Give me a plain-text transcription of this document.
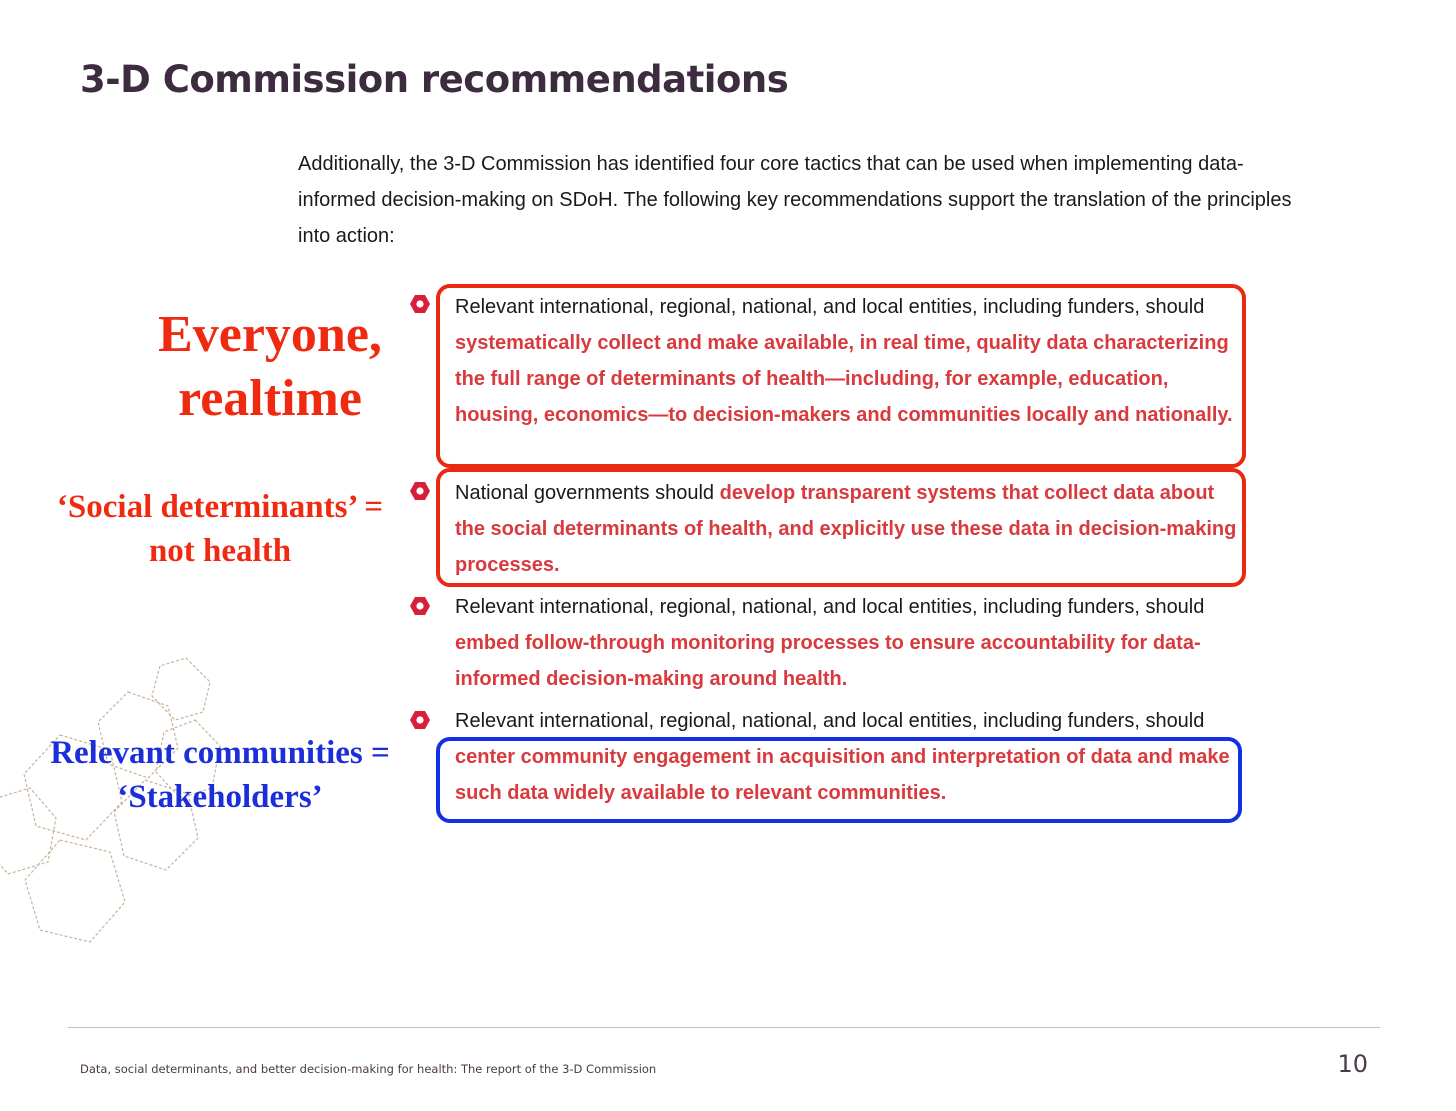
3-D Commission recommendations

Additionally, the 3-D Commission has identified four core tactics that can be used when implementing data-informed decision-making on SDoH. The following key recommendations support the translation of the principles into action:

Relevant international, regional, national, and local entities, including funders, should systematically collect and make available, in real time, quality data characterizing the full range of determinants of health—including, for example, education, housing, economics—to decision-makers and communities locally and nationally.

National governments should develop transparent systems that collect data about the social determinants of health, and explicitly use these data in decision-making processes.

Relevant international, regional, national, and local entities, including funders, should embed follow-through monitoring processes to ensure accountability for data-informed decision-making around health.

Relevant international, regional, national, and local entities, including funders, should center community engagement in acquisition and interpretation of data and make such data widely available to relevant communities.

Everyone,
realtime
‘Social determinants’ =
not health
Relevant communities =
‘Stakeholders’

Data, social determinants, and better decision-making for health: The report of the 3-D Commission	10
